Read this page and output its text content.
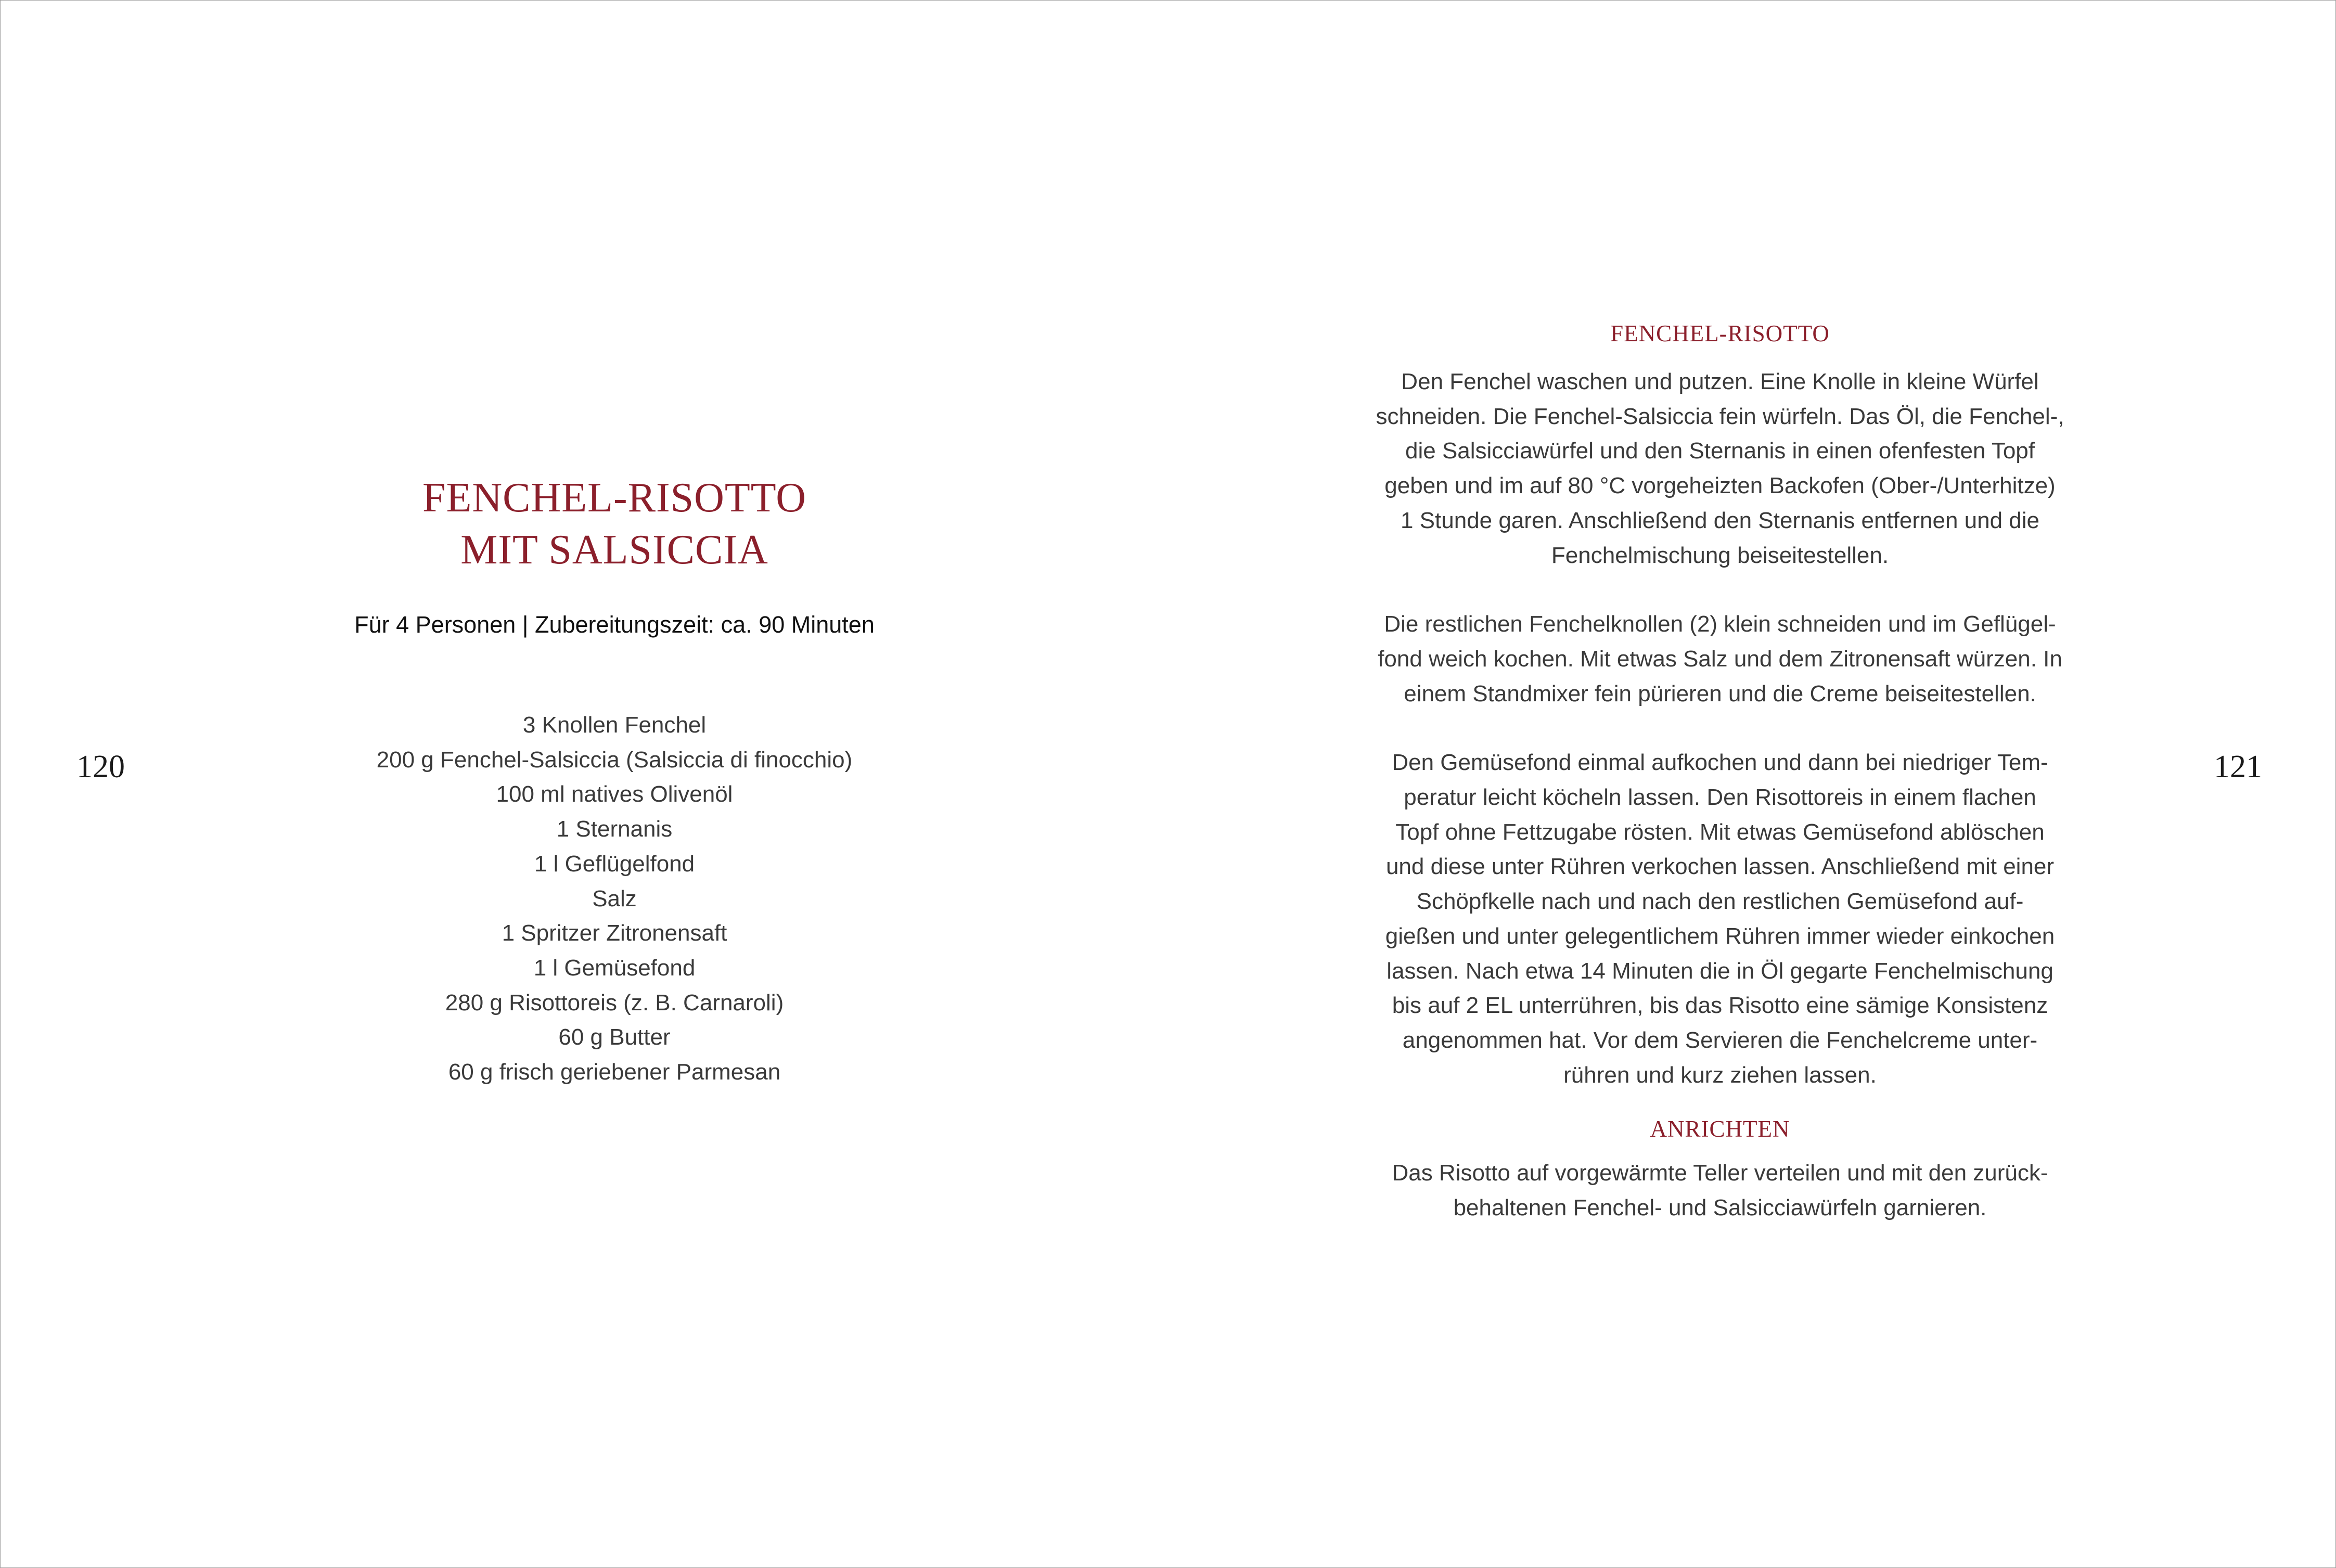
120	121
FENCHEL-RISOTTO
MIT SALSICCIA
Für 4 Personen | Zubereitungszeit: ca. 90 Minuten
3 Knollen Fenchel
200 g Fenchel-Salsiccia (Salsiccia di finocchio)
100 ml natives Olivenöl
1 Sternanis
1 l Geflügelfond
Salz
1 Spritzer Zitronensaft
1 l Gemüsefond
280 g Risottoreis (z. B. Carnaroli)
60 g Butter
60 g frisch geriebener Parmesan
FENCHEL-RISOTTO
Den Fenchel waschen und putzen. Eine Knolle in kleine Würfel
schneiden. Die Fenchel-Salsiccia fein würfeln. Das Öl, die Fenchel-,
die Salsicciawürfel und den Sternanis in einen ofenfesten Topf
geben und im auf 80 °C vorgeheizten Backofen (Ober-/Unterhitze)
1 Stunde garen. Anschließend den Sternanis entfernen und die
Fenchelmischung beiseitestellen.
Die restlichen Fenchelknollen (2) klein schneiden und im Geflügel-
fond weich kochen. Mit etwas Salz und dem Zitronensaft würzen. In
einem Standmixer fein pürieren und die Creme beiseitestellen.
Den Gemüsefond einmal aufkochen und dann bei niedriger Tem-
peratur leicht köcheln lassen. Den Risottoreis in einem flachen
Topf ohne Fettzugabe rösten. Mit etwas Gemüsefond ablöschen
und diese unter Rühren verkochen lassen. Anschließend mit einer
Schöpfkelle nach und nach den restlichen Gemüsefond auf-
gießen und unter gelegentlichem Rühren immer wieder einkochen
lassen. Nach etwa 14 Minuten die in Öl gegarte Fenchelmischung
bis auf 2 EL unterrühren, bis das Risotto eine sämige Konsistenz
angenommen hat. Vor dem Servieren die Fenchelcreme unter-
rühren und kurz ziehen lassen.
ANRICHTEN
Das Risotto auf vorgewärmte Teller verteilen und mit den zurück-
behaltenen Fenchel- und Salsicciawürfeln garnieren.
